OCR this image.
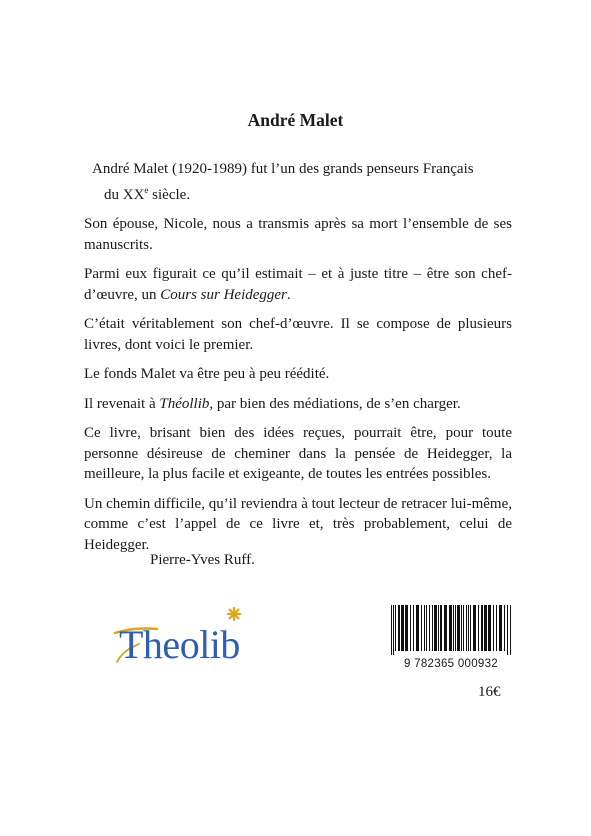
André Malet

André Malet (1920-1989) fut l’un des grands penseurs Français
du XXe siècle.

Son épouse, Nicole, nous a transmis après sa mort l’ensemble de ses manuscrits.

Parmi eux figurait ce qu’il estimait – et à juste titre – être son chef-d’œuvre, un Cours sur Heidegger.

C’était véritablement son chef-d’œuvre. Il se compose de plusieurs livres, dont voici le premier.

Le fonds Malet va être peu à peu réédité.

Il revenait à Théollib, par bien des médiations, de s’en charger.

Ce livre, brisant bien des idées reçues, pourrait être, pour toute personne désireuse de cheminer dans la pensée de Heidegger, la meilleure, la plus facile et exigeante, de toutes les entrées possibles.

Un chemin difficile, qu’il reviendra à tout lecteur de retracer lui-même, comme c’est l’appel de ce livre et, très probablement, celui de Heidegger.

Pierre-Yves Ruff.
Theolib	9 782365 000932
16€
